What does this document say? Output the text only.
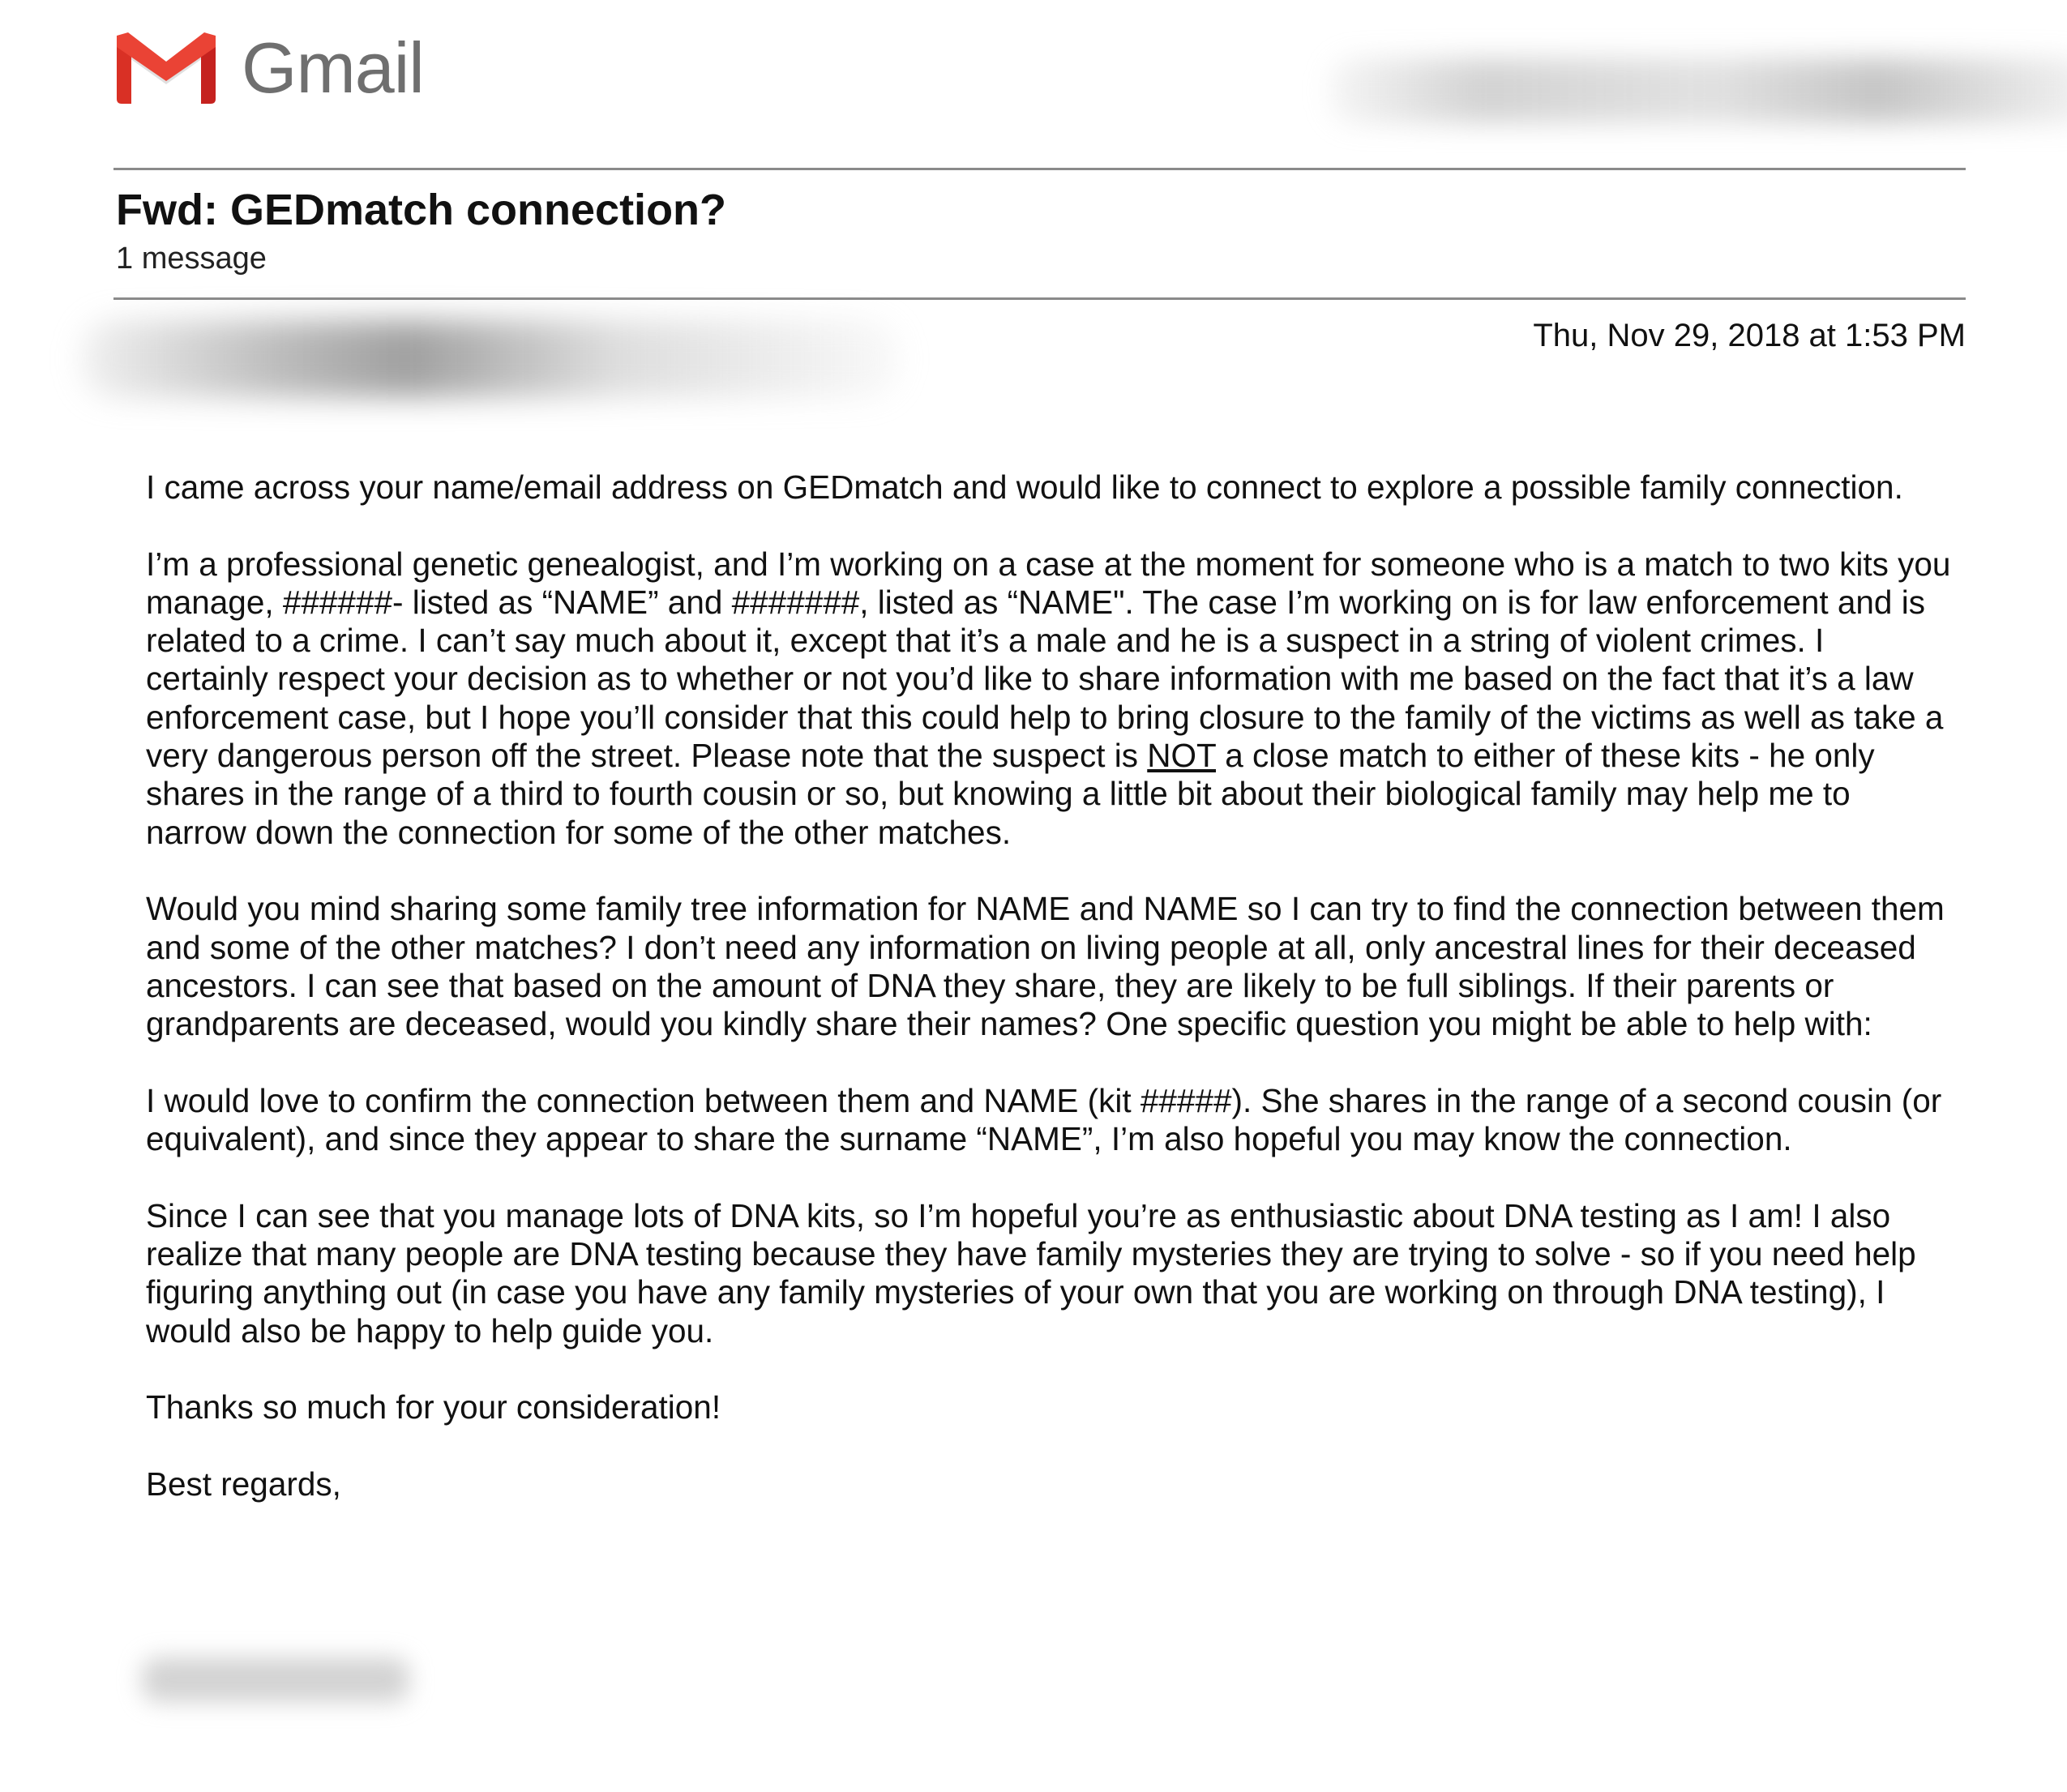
Gmail
Fwd: GEDmatch connection?
1 message
Thu, Nov 29, 2018 at 1:53 PM

I came across your name/email address on GEDmatch and would like to connect to explore a possible family connection.

I’m a professional genetic genealogist, and I’m working on a case at the moment for someone who is a match to two kits you manage, ######- listed as “NAME” and #######, listed as “NAME". The case I’m working on is for law enforcement and is related to a crime. I can’t say much about it, except that it’s a male and he is a suspect in a string of violent crimes. I certainly respect your decision as to whether or not you’d like to share information with me based on the fact that it’s a law enforcement case, but I hope you’ll consider that this could help to bring closure to the family of the victims as well as take a very dangerous person off the street. Please note that the suspect is NOT a close match to either of these kits - he only shares in the range of a third to fourth cousin or so, but knowing a little bit about their biological family may help me to narrow down the connection for some of the other matches.

Would you mind sharing some family tree information for NAME and NAME so I can try to find the connection between them and some of the other matches? I don’t need any information on living people at all, only ancestral lines for their deceased ancestors. I can see that based on the amount of DNA they share, they are likely to be full siblings. If their parents or grandparents are deceased, would you kindly share their names? One specific question you might be able to help with:

I would love to confirm the connection between them and NAME (kit #####). She shares in the range of a second cousin (or equivalent), and since they appear to share the surname “NAME”, I’m also hopeful you may know the connection.

Since I can see that you manage lots of DNA kits, so I’m hopeful you’re as enthusiastic about DNA testing as I am! I also realize that many people are DNA testing because they have family mysteries they are trying to solve - so if you need help figuring anything out (in case you have any family mysteries of your own that you are working on through DNA testing), I would also be happy to help guide you.

Thanks so much for your consideration!

Best regards,
